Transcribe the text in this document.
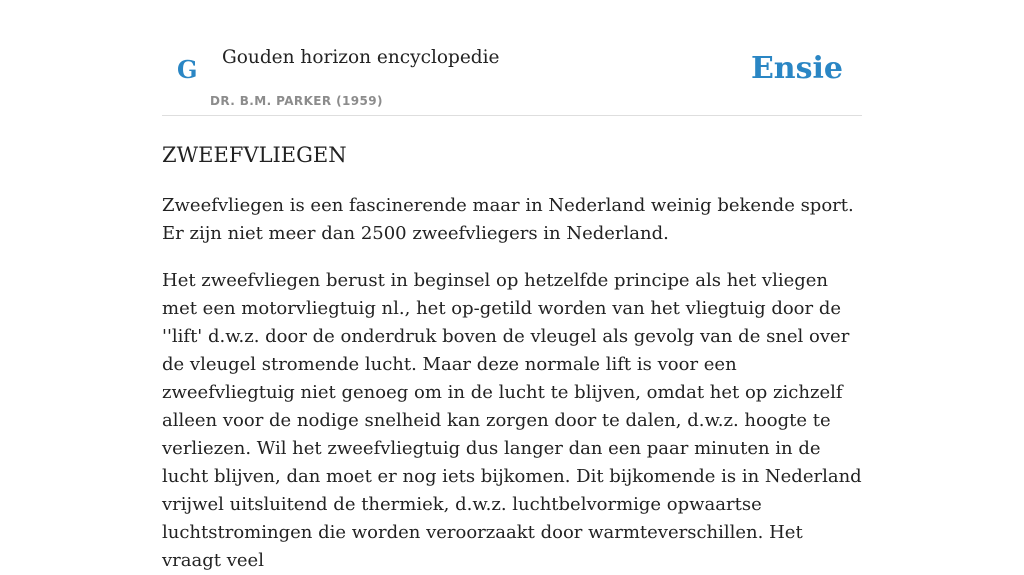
G Gouden horizon encyclopedie
DR. B.M. PARKER (1959)
Ensie
ZWEEFVLIEGEN

Zweefvliegen is een fascinerende maar in Nederland weinig bekende sport. Er zijn niet meer dan 2500 zweefvliegers in Nederland.

Het zweefvliegen berust in beginsel op hetzelfde principe als het vliegen met een motorvliegtuig nl., het op-getild worden van het vliegtuig door de ''lift' d.w.z. door de onderdruk boven de vleugel als gevolg van de snel over de vleugel stromende lucht. Maar deze normale lift is voor een zweefvliegtuig niet genoeg om in de lucht te blijven, omdat het op zichzelf alleen voor de nodige snelheid kan zorgen door te dalen, d.w.z. hoogte te verliezen. Wil het zweefvliegtuig dus langer dan een paar minuten in de lucht blijven, dan moet er nog iets bijkomen. Dit bijkomende is in Nederland vrijwel uitsluitend de thermiek, d.w.z. luchtbelvormige opwaartse luchtstromingen die worden veroorzaakt door warmteverschillen. Het vraagt veel
